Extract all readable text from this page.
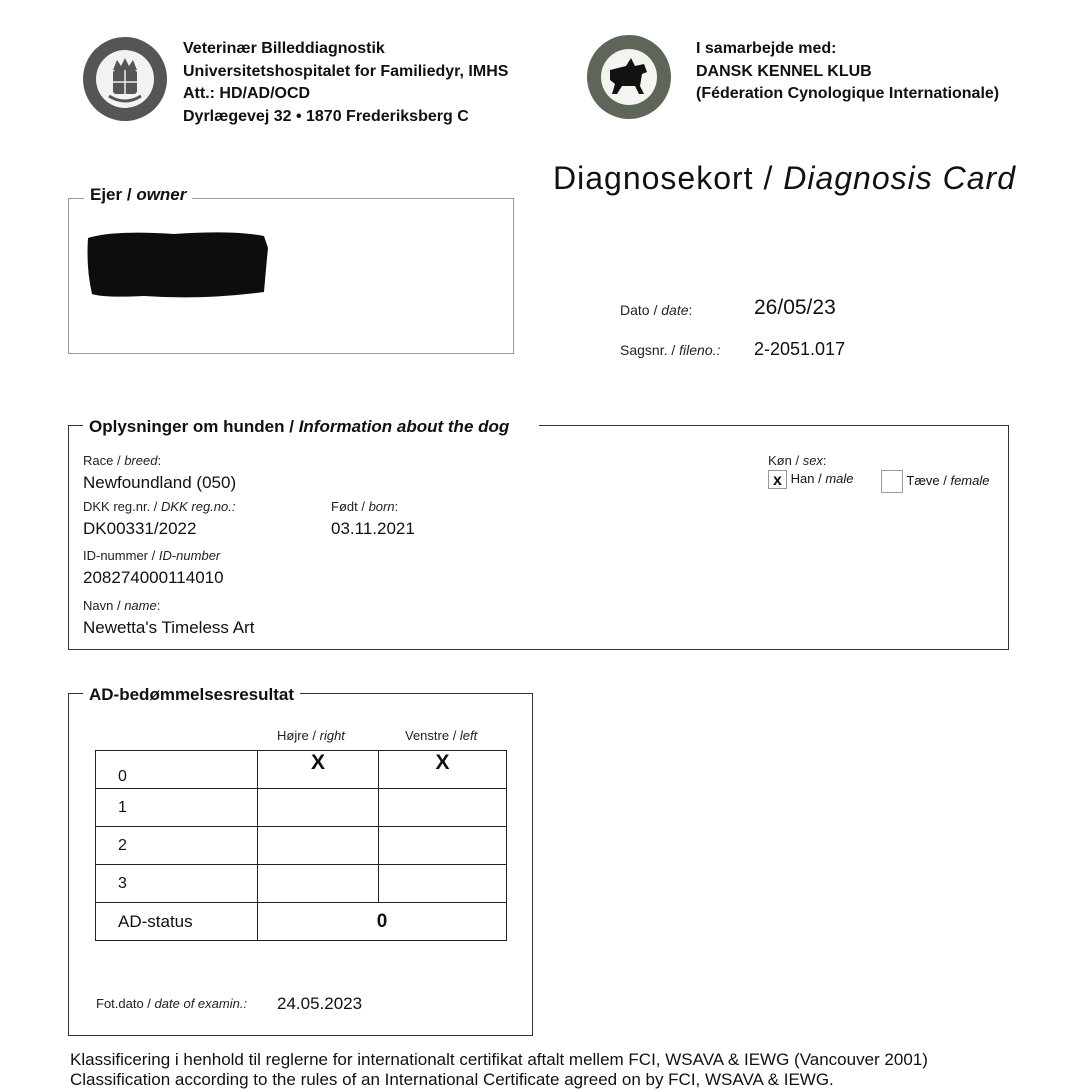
Veterinær Billeddiagnostik
Universitetshospitalet for Familiedyr, IMHS
Att.: HD/AD/OCD
Dyrlægevej 32 • 1870 Frederiksberg C
I samarbejde med:
DANSK KENNEL KLUB
(Féderation Cynologique Internationale)
Diagnosekort / Diagnosis Card
Ejer / owner
Dato / date:	26/05/23
Sagsnr. / fileno.: 2-2051.017
Oplysninger om hunden / Information about the dog
Race / breed:
Newfoundland (050)
DKK reg.nr. / DKK reg.no.:
DK00331/2022
Født / born:
03.11.2021
ID-nummer / ID-number
208274000114010
Navn / name:
Newetta's Timeless Art
Køn / sex:
x Han / male	Tæve / female
AD-bedømmelsesresultat
Højre / right	Venstre / left
0	X	X
1		
2		
3		
AD-status	0	
Fot.dato / date of examin.: 24.05.2023
Klassificering i henhold til reglerne for internationalt certifikat aftalt mellem FCI, WSAVA & IEWG (Vancouver 2001)
Classification according to the rules of an International Certificate agreed on by FCI, WSAVA & IEWG.
